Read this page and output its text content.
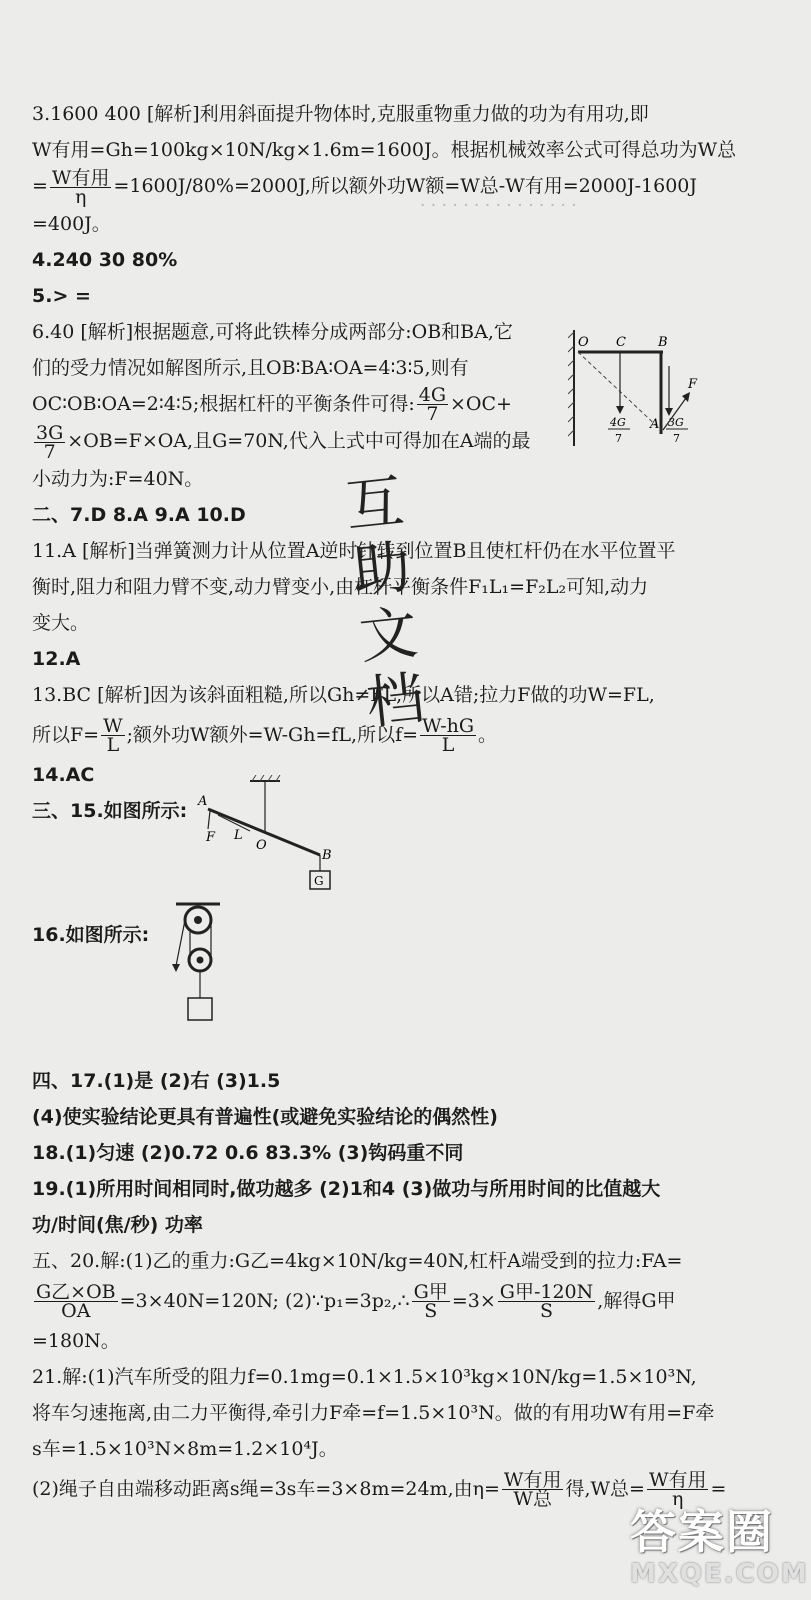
· · · · · · · · · · · · · · ·
3.1600 400 [解析]利用斜面提升物体时,克服重物重力做的功为有用功,即
W有用=Gh=100kg×10N/kg×1.6m=1600J。根据机械效率公式可得总功为W总
= W有用
η	=1600J/80%=2000J,所以额外功W额=W总-W有用=2000J-1600J
=400J。
4.240 30 80%
5.> =
6.40 [解析]根据题意,可将此铁棒分成两部分:OB和BA,它
们的受力情况如解图所示,且OB∶BA∶OA=4∶3∶5,则有
OC∶OB∶OA=2∶4∶5;根据杠杆的平衡条件可得: $\frac{4G}{7} \times OC+$
$\frac{3G}{7} \times OB=F\times OA$,且G=70N,代入上式中可得加在A端的最
小动力为:F=40N。
二、7.D 8.A 9.A 10.D
11.A [解析]当弹簧测力计从位置A逆时针转到位置B且使杠杆仍在水平位置平
衡时,阻力和阻力臂不变,动力臂变小,由杠杆平衡条件F₁L₁=F₂L₂可知,动力
变大。
12.A
13.BC [解析]因为该斜面粗糙,所以Gh≠FL,所以A错;拉力F做的功W=FL,
所以$F= \frac{W}{L}$ ;额外功W额外=W-Gh=fL,所以$f= \frac{W-hG}{L}$ 。
14.AC
三、15.如图所示:
16.如图所示:
四、17.(1)是 (2)右 (3)1.5
(4)使实验结论更具有普遍性(或避免实验结论的偶然性)
18.(1)匀速 (2)0.72 0.6 83.3% (3)钩码重不同
19.(1)所用时间相同时,做功越多 (2)1和4 (3)做功与所用时间的比值越大
功/时间(焦/秒) 功率
五、20.解:(1)乙的重力:G乙=4kg×10N/kg=40N,杠杆A端受到的拉力:FA=
G乙×OB
OA	=3×40N=120N; (2)∵p₁=3p₂,∴ G甲
S =3× G甲-120N
S	,解得G甲
=180N。
21.解:(1)汽车所受的阻力f=0.1mg=0.1×1.5×10³kg×10N/kg=1.5×10³N,
将车匀速拖离,由二力平衡得,牵引力F牵=f=1.5×10³N。做的有用功W有用=F牵
s车=1.5×10³N×8m=1.2×10⁴J。
(2)绳子自由端移动距离s绳=3s车=3×8m=24m,由η= W有用
W总 得,W总= W有用
η	=
O C B
A
F
4G
7
3G
7
A
F L
O
B
G
互
助
文
档
答案圈
MXQE.COM
